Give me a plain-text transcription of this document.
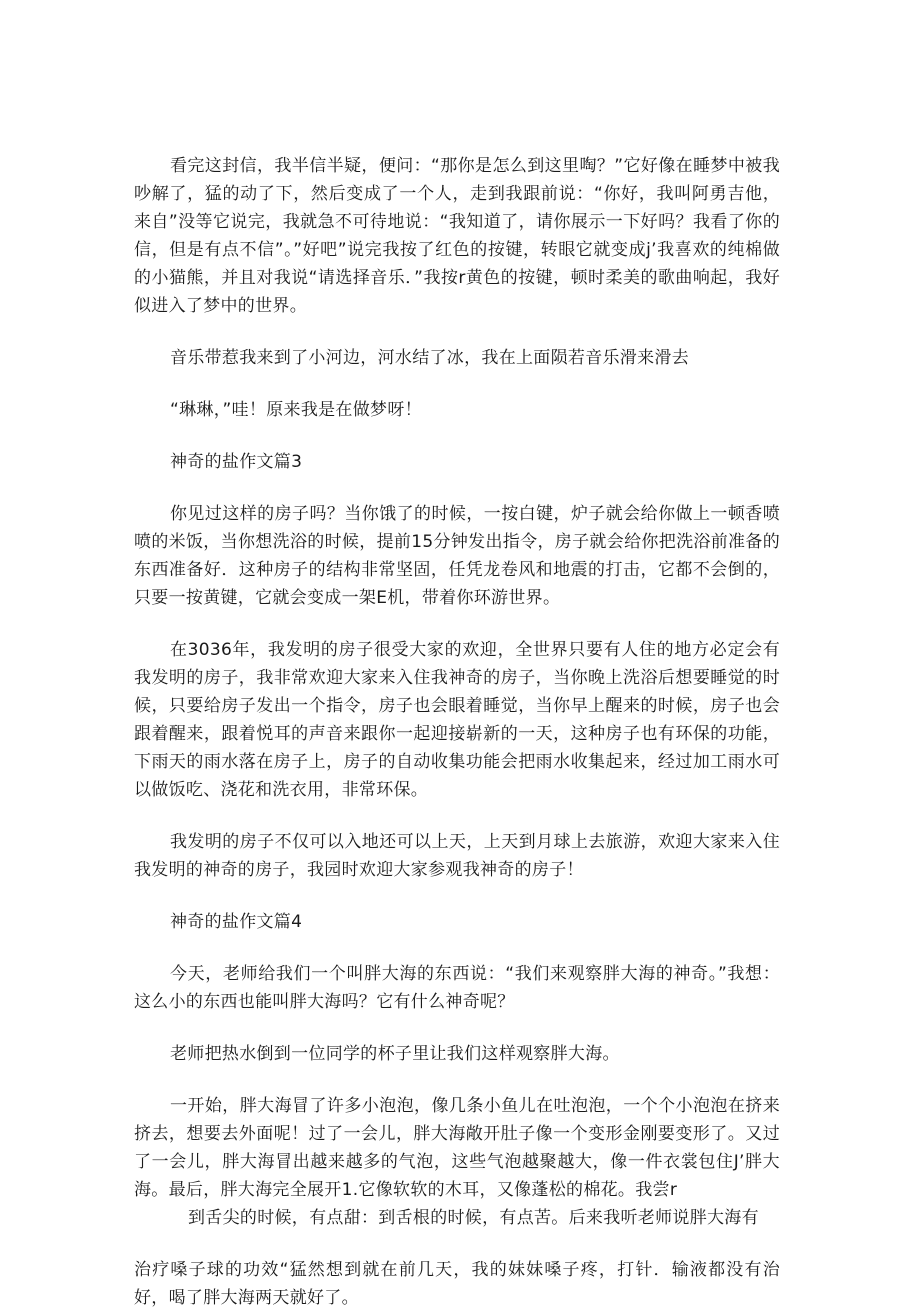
看完这封信，我半信半疑，便问：“那你是怎么到这里啕？”它好像在睡梦中被我吵解了，猛的动了下，然后变成了一个人，走到我跟前说：“你好，我叫阿勇吉他，来自”没等它说完，我就急不可待地说：“我知道了，请你展示一下好吗？我看了你的信，但是有点不信”。”好吧”说完我按了红色的按键，转眼它就变成j’我喜欢的纯棉做的小猫熊，并且对我说“请选择音乐．”我按r黄色的按键，顿时柔美的歌曲响起，我好似进入了梦中的世界。

音乐带惹我来到了小河边，河水结了冰，我在上面陨若音乐滑来滑去

“琳琳，”哇！原来我是在做梦呀！

神奇的盐作文篇3

你见过这样的房子吗？当你饿了的时候，一按白键，炉子就会给你做上一顿香喷喷的米饭，当你想洗浴的时候，提前15分钟发出指令，房子就会给你把洗浴前准备的东西准备好．这种房子的结构非常坚固，任凭龙卷风和地震的打击，它都不会倒的，只要一按黄键，它就会变成一架E机，带着你环游世界。

在3036年，我发明的房子很受大家的欢迎，全世界只要有人住的地方必定会有我发明的房子，我非常欢迎大家来入住我神奇的房子，当你晚上洗浴后想要睡觉的时候，只要给房子发出一个指令，房子也会眼着睡觉，当你早上醒来的时候，房子也会跟着醒来，跟着悦耳的声音来跟你一起迎接崭新的一天，这种房子也有环保的功能，下雨天的雨水落在房子上，房子的自动收集功能会把雨水收集起来，经过加工雨水可以做饭吃、浇花和洗衣用，非常环保。

我发明的房子不仅可以入地还可以上天，上天到月球上去旅游，欢迎大家来入住我发明的神奇的房子，我园时欢迎大家参观我神奇的房子！

神奇的盐作文篇4

今天，老师给我们一个叫胖大海的东西说：“我们来观察胖大海的神奇。”我想：这么小的东西也能叫胖大海吗？它有什么神奇呢？

老师把热水倒到一位同学的杯子里让我们这样观察胖大海。

一开始，胖大海冒了许多小泡泡，像几条小鱼儿在吐泡泡，一个个小泡泡在挤来挤去，想要去外面呢！过了一会儿，胖大海敞开肚子像一个变形金刚要变形了。又过了一会儿，胖大海冒出越来越多的气泡，这些气泡越聚越大，像一件衣裳包住J’胖大海。最后，胖大海完全展开1.它像软软的木耳，又像蓬松的棉花。我尝r

到舌尖的时候，有点甜：到舌根的时候，有点苦。后来我听老师说胖大海有

治疗嗓子球的功效“猛然想到就在前几天，我的妹妹嗓子疼，打针．输液都没有治好，喝了胖大海两天就好了。
